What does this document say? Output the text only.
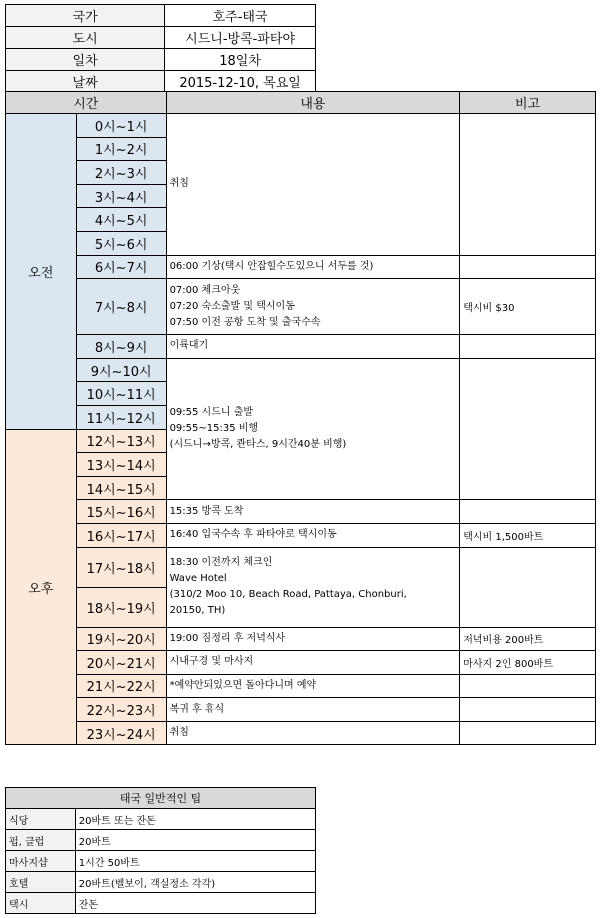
국가	호주-태국
도시	시드니-방콕-파타야
일차	18일차
날짜	2015-12-10, 목요일
시간		내용	비고
오전	0시~1시	취침	
	1시~2시		
	2시~3시		
	3시~4시		
	4시~5시		
	5시~6시		
	6시~7시	06:00 기상(택시 안잡힐수도있으니 서두를 것)	
	7시~8시	07:00 체크아웃
07:20 숙소출발 및 택시이동
07:50 이전 공항 도착 및 출국수속	택시비 $30
	8시~9시	이륙대기	
	9시~10시	09:55 시드니 출발
09:55~15:35 비행
(시드니→방콕, 콴타스, 9시간40분 비행)	

	10시~11시		
	11시~12시		
오후	12시~13시		
	13시~14시		
	14시~15시		
	15시~16시	15:35 방콕 도착	
	16시~17시	16:40 입국수속 후 파타야로 택시이동	택시비 1,500바트
	17시~18시	18:30 이전까지 체크인
Wave Hotel
(310/2 Moo 10, Beach Road, Pattaya, Chonburi,
20150, TH)	

	18시~19시		
	19시~20시	19:00 짐정리 후 저녁식사	저녁비용 200바트
	20시~21시	시내구경 및 마사지	마사지 2인 800바트
	21시~22시	*예약안되있으면 돌아다니며 예약	
	22시~23시	복귀 후 휴식	
	23시~24시	취침	
태국 일반적인 팁	
식당	20바트 또는 잔돈
펍, 클럽	20바트
마사지샵	1시간 50바트
호텔	20바트(벨보이, 객실정소 각각)
택시	잔돈
